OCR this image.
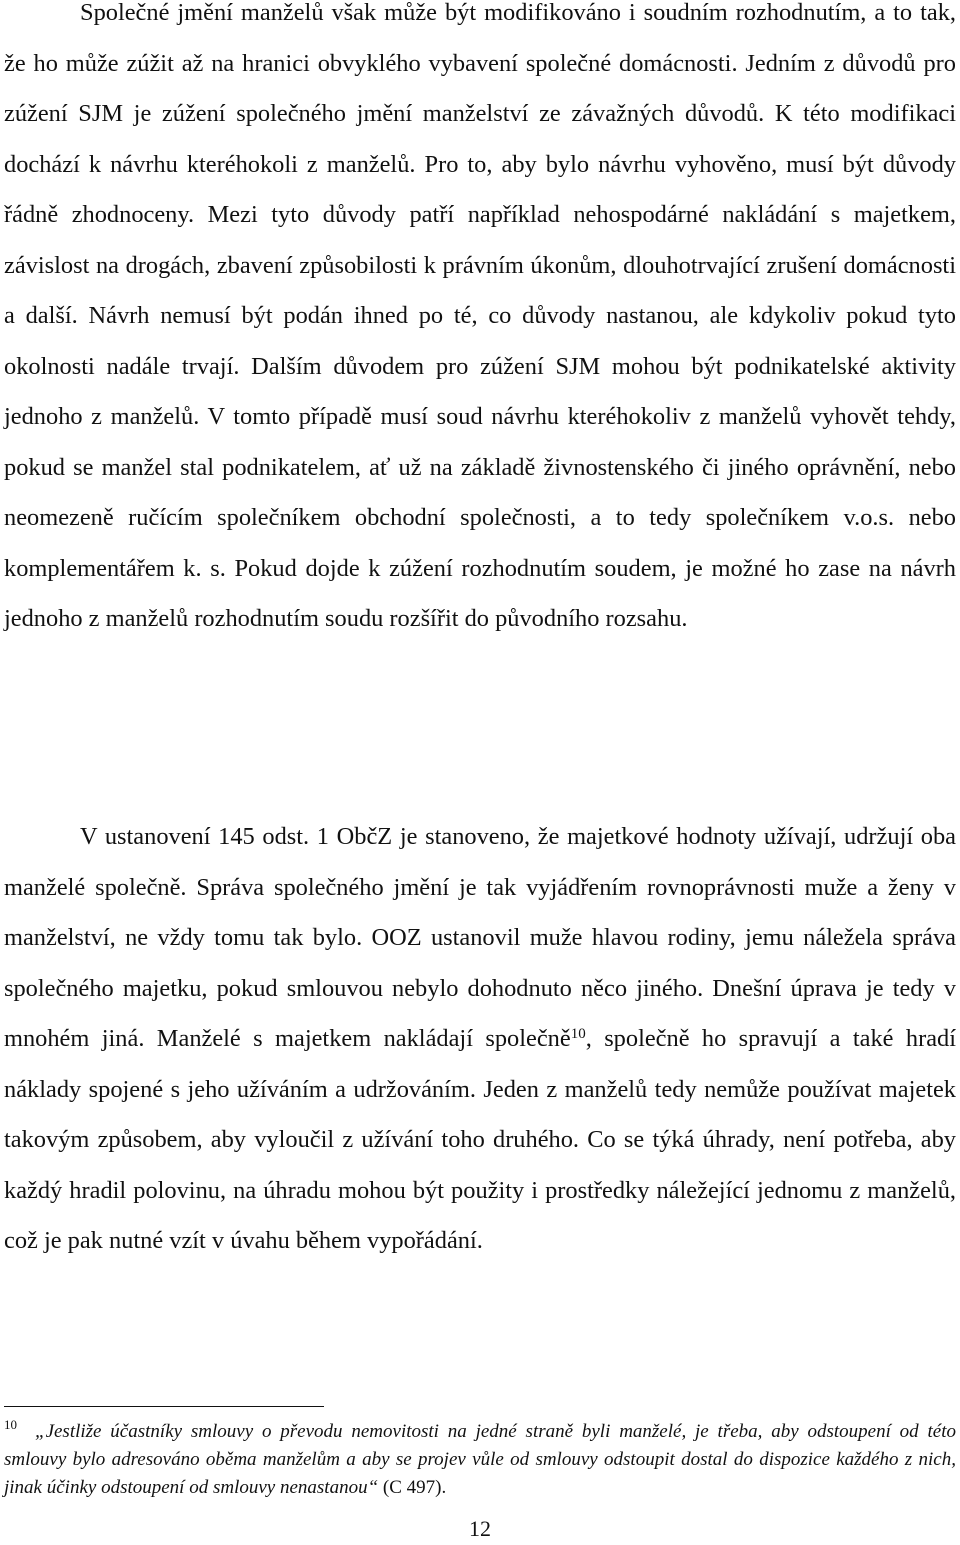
Společné jmění manželů však může být modifikováno i soudním rozhodnutím, a to tak, že ho může zúžit až na hranici obvyklého vybavení společné domácnosti. Jedním z důvodů pro zúžení SJM je zúžení společného jmění manželství ze závažných důvodů. K této modifikaci dochází k návrhu kteréhokoli z manželů. Pro to, aby bylo návrhu vyhověno, musí být důvody řádně zhodnoceny. Mezi tyto důvody patří například nehospodárné nakládání s majetkem, závislost na drogách, zbavení způsobilosti k právním úkonům, dlouhotrvající zrušení domácnosti a další. Návrh nemusí být podán ihned po té, co důvody nastanou, ale kdykoliv pokud tyto okolnosti nadále trvají. Dalším důvodem pro zúžení SJM mohou být podnikatelské aktivity jednoho z manželů. V tomto případě musí soud návrhu kteréhokoliv z manželů vyhovět tehdy, pokud se manžel stal podnikatelem, ať už na základě živnostenského či jiného oprávnění, nebo neomezeně ručícím společníkem obchodní společnosti, a to tedy společníkem v.o.s. nebo komplementářem k. s. Pokud dojde k zúžení rozhodnutím soudem, je možné ho zase na návrh jednoho z manželů rozhodnutím soudu rozšířit do původního rozsahu.

V ustanovení 145 odst. 1 ObčZ je stanoveno, že majetkové hodnoty užívají, udržují oba manželé společně. Správa společného jmění je tak vyjádřením rovnoprávnosti muže a ženy v manželství, ne vždy tomu tak bylo. OOZ ustanovil muže hlavou rodiny, jemu náležela správa společného majetku, pokud smlouvou nebylo dohodnuto něco jiného. Dnešní úprava je tedy v mnohém jiná. Manželé s majetkem nakládají společně$^{10}$, společně ho spravují a také hradí náklady spojené s jeho užíváním a udržováním. Jeden z manželů tedy nemůže používat majetek takovým způsobem, aby vyloučil z užívání toho druhého. Co se týká úhrady, není potřeba, aby každý hradil polovinu, na úhradu mohou být použity i prostředky náležející jednomu z manželů, což je pak nutné vzít v úvahu během vypořádání.

$^{10}$ „Jestliže účastníky smlouvy o převodu nemovitosti na jedné straně byli manželé, je třeba, aby odstoupení od této smlouvy bylo adresováno oběma manželům a aby se projev vůle od smlouvy odstoupit dostal do dispozice každého z nich, jinak účinky odstoupení od smlouvy nenastanou“ (C 497).

12
